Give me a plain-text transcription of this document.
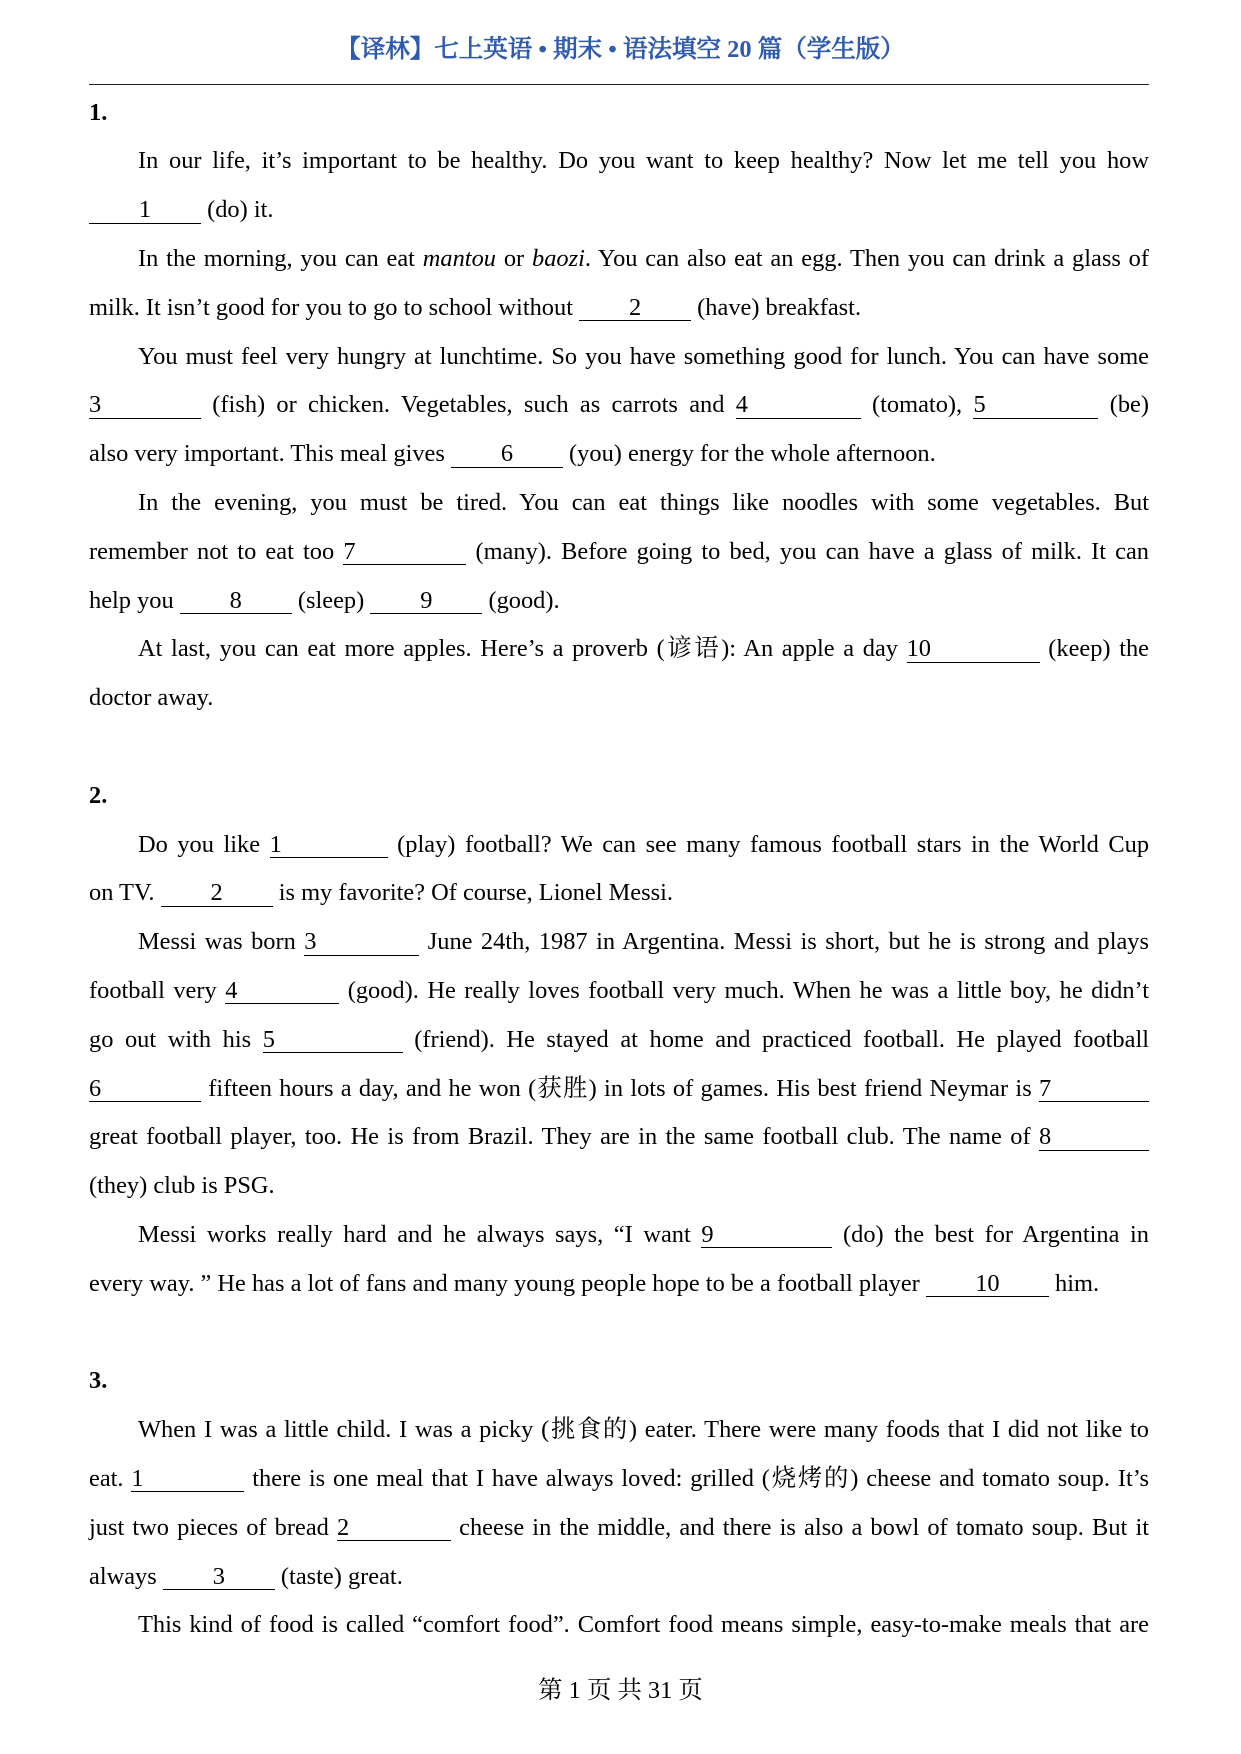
【译林】七上英语 • 期末 • 语法填空 20 篇（学生版）
1.
In our life, it’s important to be healthy. Do you want to keep healthy? Now let me tell you how
1 (do) it.
In the morning, you can eat mantou or baozi. You can also eat an egg. Then you can drink a glass of
milk. It isn’t good for you to go to school without 2 (have) breakfast.
You must feel very hungry at lunchtime. So you have something good for lunch. You can have some
3	(fish) or chicken. Vegetables, such as carrots and 4	(tomato), 5	(be)
also very important. This meal gives 6 (you) energy for the whole afternoon.
In the evening, you must be tired. You can eat things like noodles with some vegetables. But
remember not to eat too 7	(many). Before going to bed, you can have a glass of milk. It can
help you 8 (sleep) 9 (good).
At last, you can eat more apples. Here’s a proverb (谚语): An apple a day 10	(keep) the
doctor away.
2.
Do you like 1	(play) football? We can see many famous football stars in the World Cup
on TV. 2 is my favorite? Of course, Lionel Messi.
Messi was born 3	June 24th, 1987 in Argentina. Messi is short, but he is strong and plays
football very 4	(good). He really loves football very much. When he was a little boy, he didn’t
go out with his 5	(friend). He stayed at home and practiced football. He played football
6	fifteen hours a day, and he won (获胜) in lots of games. His best friend Neymar is 7
great football player, too. He is from Brazil. They are in the same football club. The name of 8
(they) club is PSG.
Messi works really hard and he always says, “I want 9	(do) the best for Argentina in
every way. ” He has a lot of fans and many young people hope to be a football player 10 him.
3.
When I was a little child. I was a picky (挑食的) eater. There were many foods that I did not like to
eat. 1	there is one meal that I have always loved: grilled (烧烤的) cheese and tomato soup. It’s
just two pieces of bread 2	cheese in the middle, and there is also a bowl of tomato soup. But it
always 3 (taste) great.
This kind of food is called “comfort food”. Comfort food means simple, easy-to-make meals that are
第 1 页 共 31 页
